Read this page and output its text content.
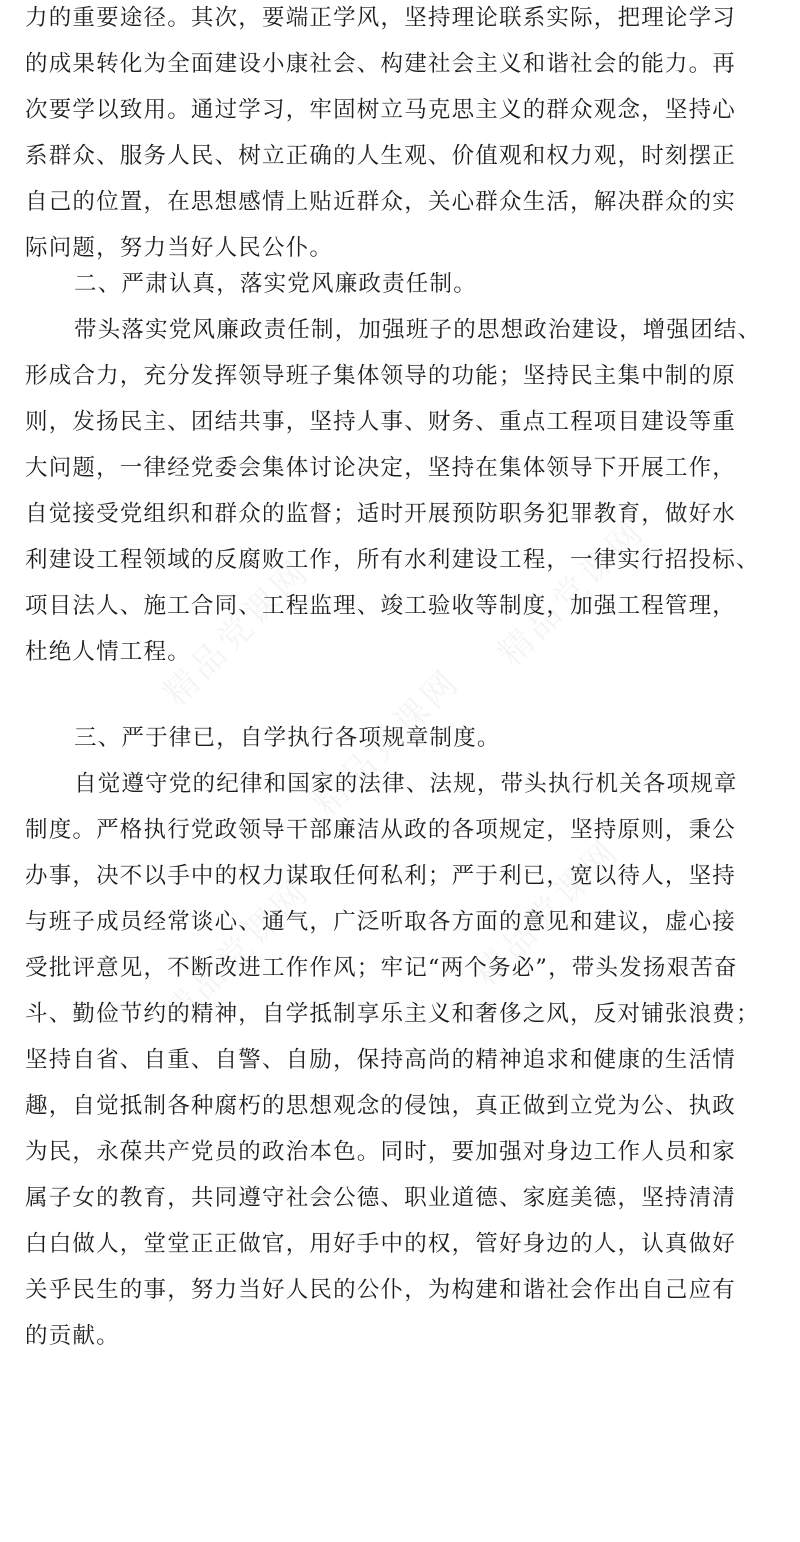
力的重要途径。其次，要端正学风，坚持理论联系实际，把理论学习
的成果转化为全面建设小康社会、构建社会主义和谐社会的能力。再
次要学以致用。通过学习，牢固树立马克思主义的群众观念，坚持心
系群众、服务人民、树立正确的人生观、价值观和权力观，时刻摆正
自己的位置，在思想感情上贴近群众，关心群众生活，解决群众的实
际问题，努力当好人民公仆。
二、严肃认真，落实党风廉政责任制。
带头落实党风廉政责任制，加强班子的思想政治建设，增强团结、
形成合力，充分发挥领导班子集体领导的功能；坚持民主集中制的原
则，发扬民主、团结共事，坚持人事、财务、重点工程项目建设等重
大问题，一律经党委会集体讨论决定，坚持在集体领导下开展工作，
自觉接受党组织和群众的监督；适时开展预防职务犯罪教育，做好水
利建设工程领域的反腐败工作，所有水利建设工程，一律实行招投标、
项目法人、施工合同、工程监理、竣工验收等制度，加强工程管理，
杜绝人情工程。
三、严于律已，自学执行各项规章制度。
自觉遵守党的纪律和国家的法律、法规，带头执行机关各项规章
制度。严格执行党政领导干部廉洁从政的各项规定，坚持原则，秉公
办事，决不以手中的权力谋取任何私利；严于利已，宽以待人，坚持
与班子成员经常谈心、通气，广泛听取各方面的意见和建议，虚心接
受批评意见，不断改进工作作风；牢记“两个务必”，带头发扬艰苦奋
斗、勤俭节约的精神，自学抵制享乐主义和奢侈之风，反对铺张浪费；
坚持自省、自重、自警、自励，保持高尚的精神追求和健康的生活情
趣，自觉抵制各种腐朽的思想观念的侵蚀，真正做到立党为公、执政
为民，永葆共产党员的政治本色。同时，要加强对身边工作人员和家
属子女的教育，共同遵守社会公德、职业道德、家庭美德，坚持清清
白白做人，堂堂正正做官，用好手中的权，管好身边的人，认真做好
关乎民生的事，努力当好人民的公仆，为构建和谐社会作出自己应有
的贡献。
